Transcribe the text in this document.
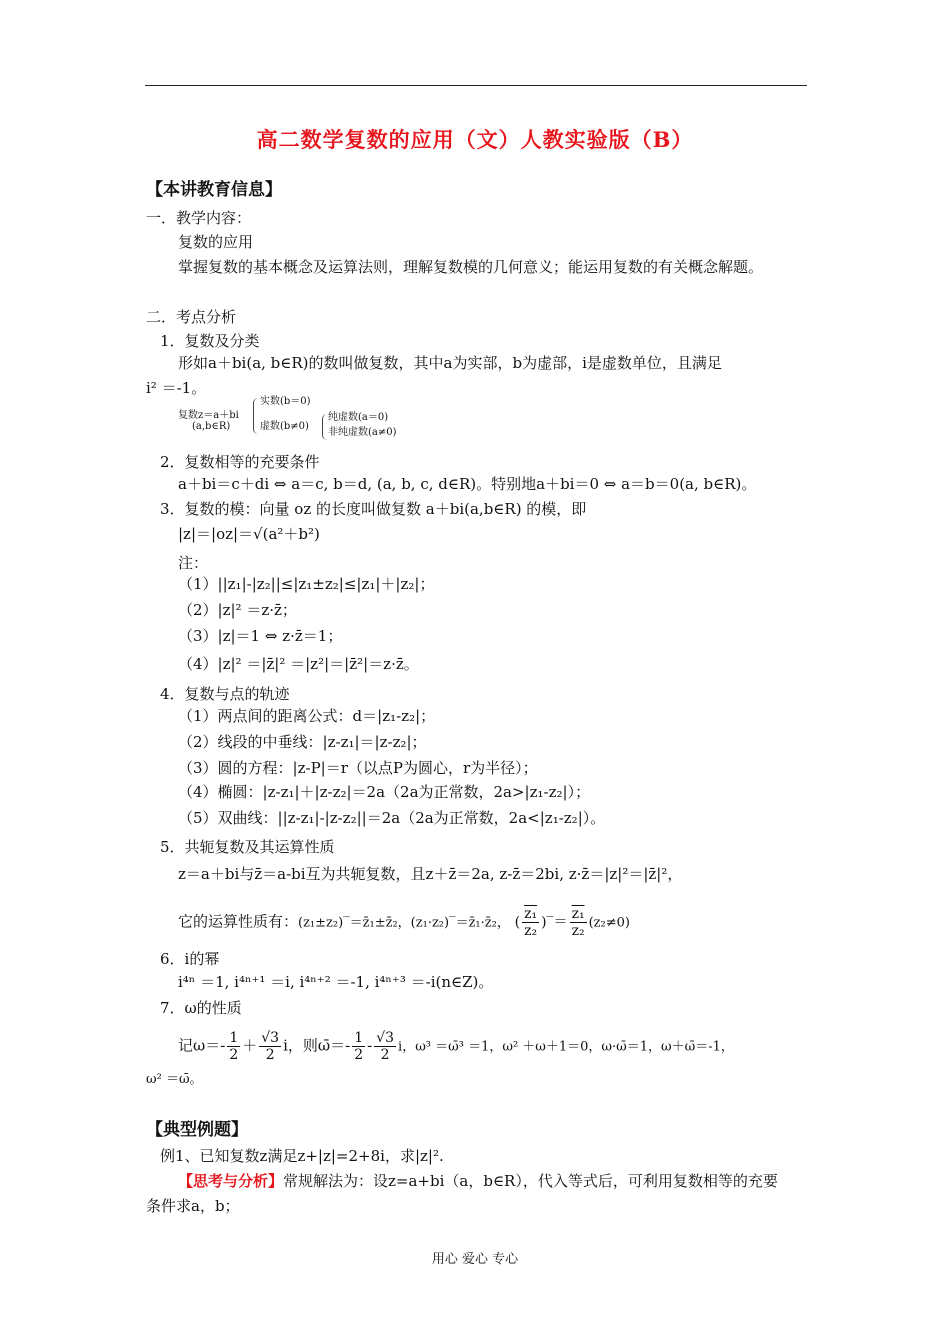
高二数学复数的应用（文）人教实验版（B）
【本讲教育信息】
一．教学内容：
复数的应用
掌握复数的基本概念及运算法则，理解复数模的几何意义；能运用复数的有关概念解题。
二．考点分析
1．复数及分类
形如a＋bi(a, b∈R)的数叫做复数，其中a为实部，b为虚部，i是虚数单位，且满足
i² ＝-1。
复数z＝a＋bi
(a,b∈R)
实数(b＝0)
虚数(b≠0)
纯虚数(a＝0)
非纯虚数(a≠0)
2．复数相等的充要条件
a＋bi＝c＋di ⇔ a＝c, b＝d, (a, b, c, d∈R)。特别地a＋bi＝0 ⇔ a＝b＝0(a, b∈R)。
3．复数的模：向量 oz 的长度叫做复数 a＋bi(a,b∈R) 的模，即
|z|＝|oz|＝√(a²＋b²)
注：
（1）||z₁|-|z₂||≤|z₁±z₂|≤|z₁|＋|z₂|；
（2）|z|² ＝z·z̄；
（3）|z|＝1 ⇔ z·z̄＝1；
（4）|z|² ＝|z̄|² ＝|z²|＝|z̄²|＝z·z̄。
4．复数与点的轨迹
（1）两点间的距离公式：d＝|z₁-z₂|；
（2）线段的中垂线：|z-z₁|＝|z-z₂|；
（3）圆的方程：|z-P|＝r（以点P为圆心，r为半径）；
（4）椭圆：|z-z₁|＋|z-z₂|＝2a（2a为正常数，2a>|z₁-z₂|）；
（5）双曲线：||z-z₁|-|z-z₂||＝2a（2a为正常数，2a<|z₁-z₂|）。
5．共轭复数及其运算性质
z＝a＋bi与z̄＝a-bi互为共轭复数，且z＋z̄＝2a, z-z̄＝2bi, z·z̄＝|z|²＝|z̄|²，
它的运算性质有：(z₁±z₂)‾＝z̄₁±z̄₂，(z₁·z₂)‾＝z̄₁·z̄₂， ( $\frac{\text{z₁}}{\text{z₂}}$ )‾＝ $\frac{\text{z₁}}{\text{z₂}} (z_2\ne 0)$
6．i的幂
i⁴ⁿ ＝1, i⁴ⁿ⁺¹ ＝i, i⁴ⁿ⁺² ＝-1, i⁴ⁿ⁺³ ＝-i(n∈Z)。
7．ω的性质
记$\omega=- \frac{1}{2} + \frac{√3}{2}$ i，则ω̄＝- $\frac{1}{2} - \frac{√3}{2}$ i，ω³ ＝ω̄³ ＝1，ω² ＋ω＋1＝0，ω·ω̄＝1，ω＋ω̄＝-1，
ω² ＝ω̄。
【典型例题】
例1、已知复数z满足z+|z|=2+8i，求|z|².
【思考与分析】常规解法为：设z=a+bi（a，b∈R），代入等式后，可利用复数相等的充要
条件求a，b；
用心 爱心 专心
